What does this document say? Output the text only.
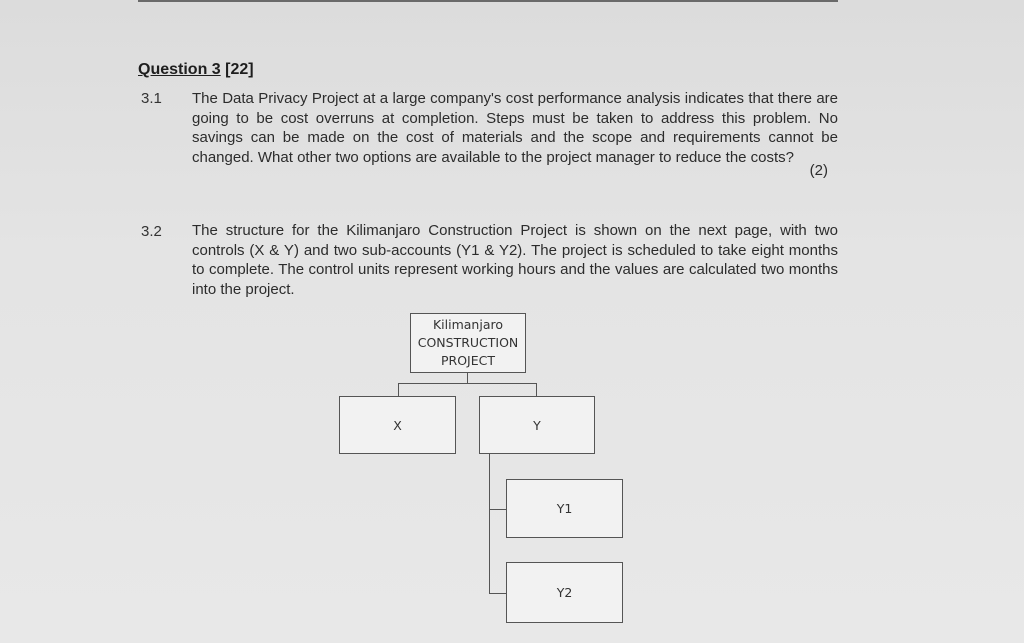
Question 3 [22]
3.1 The Data Privacy Project at a large company's cost performance analysis indicates that there are going to be cost overruns at completion. Steps must be taken to address this problem. No savings can be made on the cost of materials and the scope and requirements cannot be changed. What other two options are available to the project manager to reduce the costs?
(2)
3.2 The structure for the Kilimanjaro Construction Project is shown on the next page, with two controls (X & Y) and two sub-accounts (Y1 & Y2). The project is scheduled to take eight months to complete. The control units represent working hours and the values are calculated two months into the project.
Kilimanjaro
CONSTRUCTION
PROJECT
X	Y
Y1
Y2
